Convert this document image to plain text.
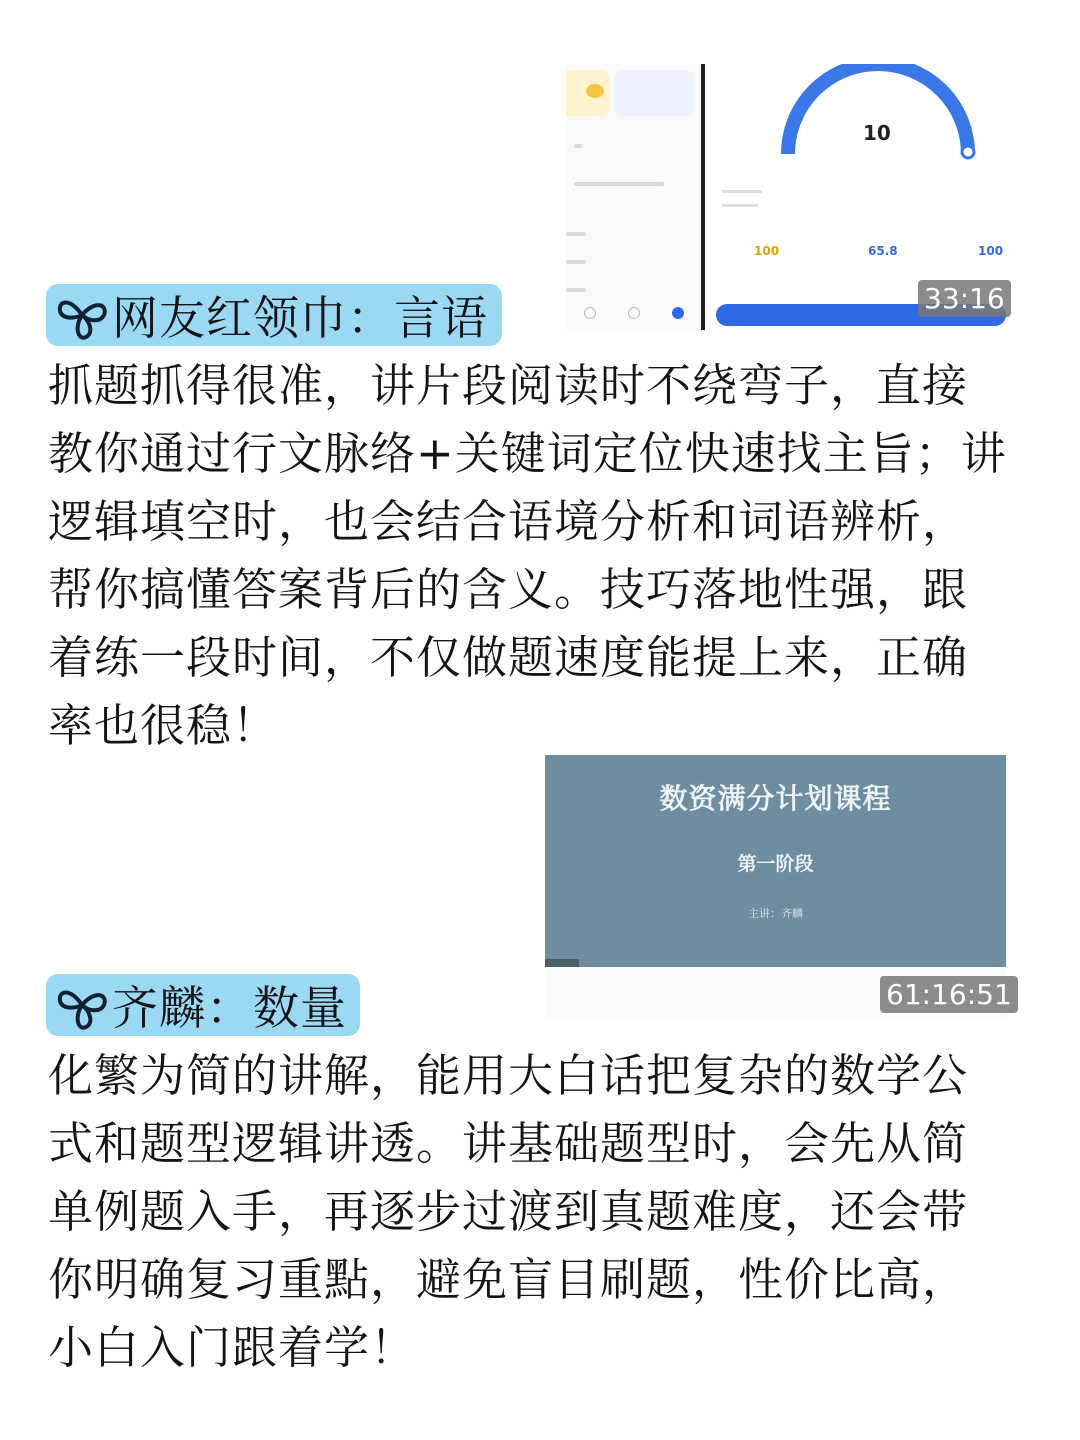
10
100	65.8	100
33:16
网友红领巾：言语
抓题抓得很准，讲片段阅读时不绕弯子，直接
教你通过行文脉络+关键词定位快速找主旨；讲
逻辑填空时，也会结合语境分析和词语辨析，
帮你搞懂答案背后的含义。技巧落地性强，跟
着练一段时间，不仅做题速度能提上来，正确
率也很稳！
数资满分计划课程
第一阶段
主讲：齐麟
61:16:51
齐麟：数量
化繁为简的讲解，能用大白话把复杂的数学公
式和题型逻辑讲透。讲基础题型时，会先从简
单例题入手，再逐步过渡到真题难度，还会带
你明确复习重點，避免盲目刷题，性价比高，
小白入门跟着学！
